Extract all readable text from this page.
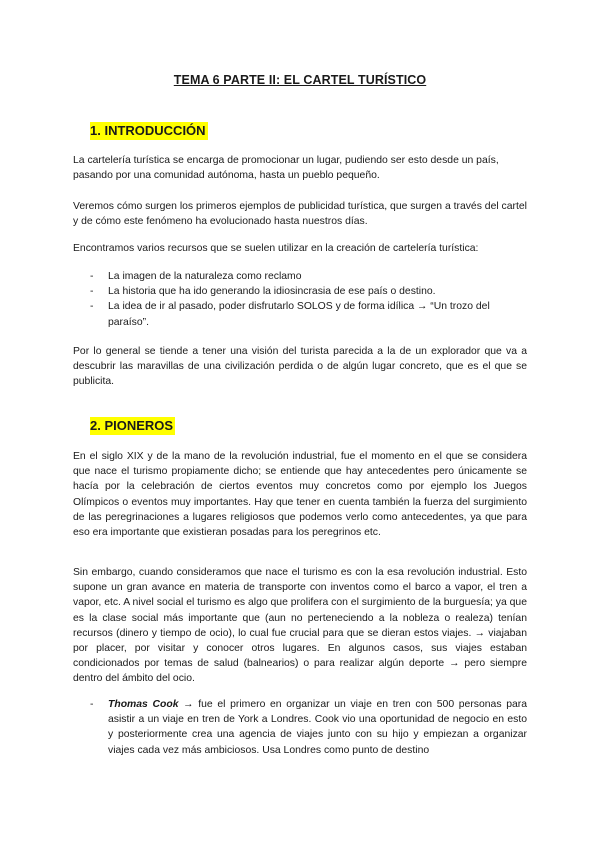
TEMA 6 PARTE II: EL CARTEL TURÍSTICO
1. INTRODUCCIÓN

La cartelería turística se encarga de promocionar un lugar, pudiendo ser esto desde un país, pasando por una comunidad autónoma, hasta un pueblo pequeño.

Veremos cómo surgen los primeros ejemplos de publicidad turística, que surgen a través del cartel y de cómo este fenómeno ha evolucionado hasta nuestros días.

Encontramos varios recursos que se suelen utilizar en la creación de cartelería turística:

- La imagen de la naturaleza como reclamo
- La historia que ha ido generando la idiosincrasia de ese país o destino.
- La idea de ir al pasado, poder disfrutarlo SOLOS y de forma idílica → “Un trozo del paraíso”.

Por lo general se tiende a tener una visión del turista parecida a la de un explorador que va a descubrir las maravillas de una civilización perdida o de algún lugar concreto, que es el que se publicita.

2. PIONEROS

En el siglo XIX y de la mano de la revolución industrial, fue el momento en el que se considera que nace el turismo propiamente dicho; se entiende que hay antecedentes pero únicamente se hacía por la celebración de ciertos eventos muy concretos como por ejemplo los Juegos Olímpicos o eventos muy importantes. Hay que tener en cuenta también la fuerza del surgimiento de las peregrinaciones a lugares religiosos que podemos verlo como antecedentes, ya que para eso era importante que existieran posadas para los peregrinos etc.

Sin embargo, cuando consideramos que nace el turismo es con la esa revolución industrial. Esto supone un gran avance en materia de transporte con inventos como el barco a vapor, el tren a vapor, etc. A nivel social el turismo es algo que prolifera con el surgimiento de la burguesía; ya que es la clase social más importante que (aun no perteneciendo a la nobleza o realeza) tenían recursos (dinero y tiempo de ocio), lo cual fue crucial para que se dieran estos viajes. → viajaban por placer, por visitar y conocer otros lugares. En algunos casos, sus viajes estaban condicionados por temas de salud (balnearios) o para realizar algún deporte → pero siempre dentro del ámbito del ocio.

- Thomas Cook → fue el primero en organizar un viaje en tren con 500 personas para asistir a un viaje en tren de York a Londres. Cook vio una oportunidad de negocio en esto y posteriormente crea una agencia de viajes junto con su hijo y empiezan a organizar viajes cada vez más ambiciosos. Usa Londres como punto de destino
